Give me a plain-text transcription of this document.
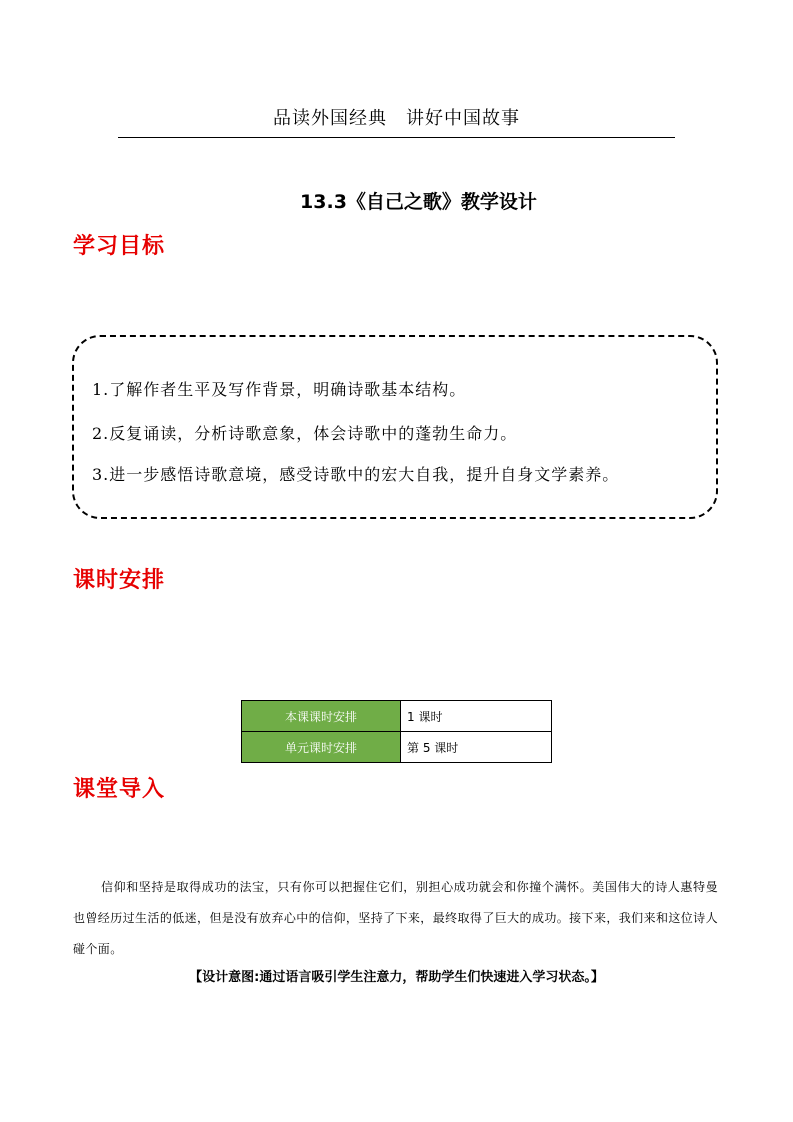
品读外国经典　讲好中国故事
13.3《自己之歌》教学设计
学习目标
1.了解作者生平及写作背景，明确诗歌基本结构。
2.反复诵读，分析诗歌意象，体会诗歌中的蓬勃生命力。
3.进一步感悟诗歌意境，感受诗歌中的宏大自我，提升自身文学素养。
课时安排
本课课时安排	1 课时
单元课时安排	第 5 课时
课堂导入
信仰和坚持是取得成功的法宝，只有你可以把握住它们，别担心成功就会和你撞个满怀。美国伟大的诗人惠特曼也曾经历过生活的低迷，但是没有放弃心中的信仰，坚持了下来，最终取得了巨大的成功。接下来，我们来和这位诗人碰个面。
【设计意图:通过语言吸引学生注意力，帮助学生们快速进入学习状态。】
